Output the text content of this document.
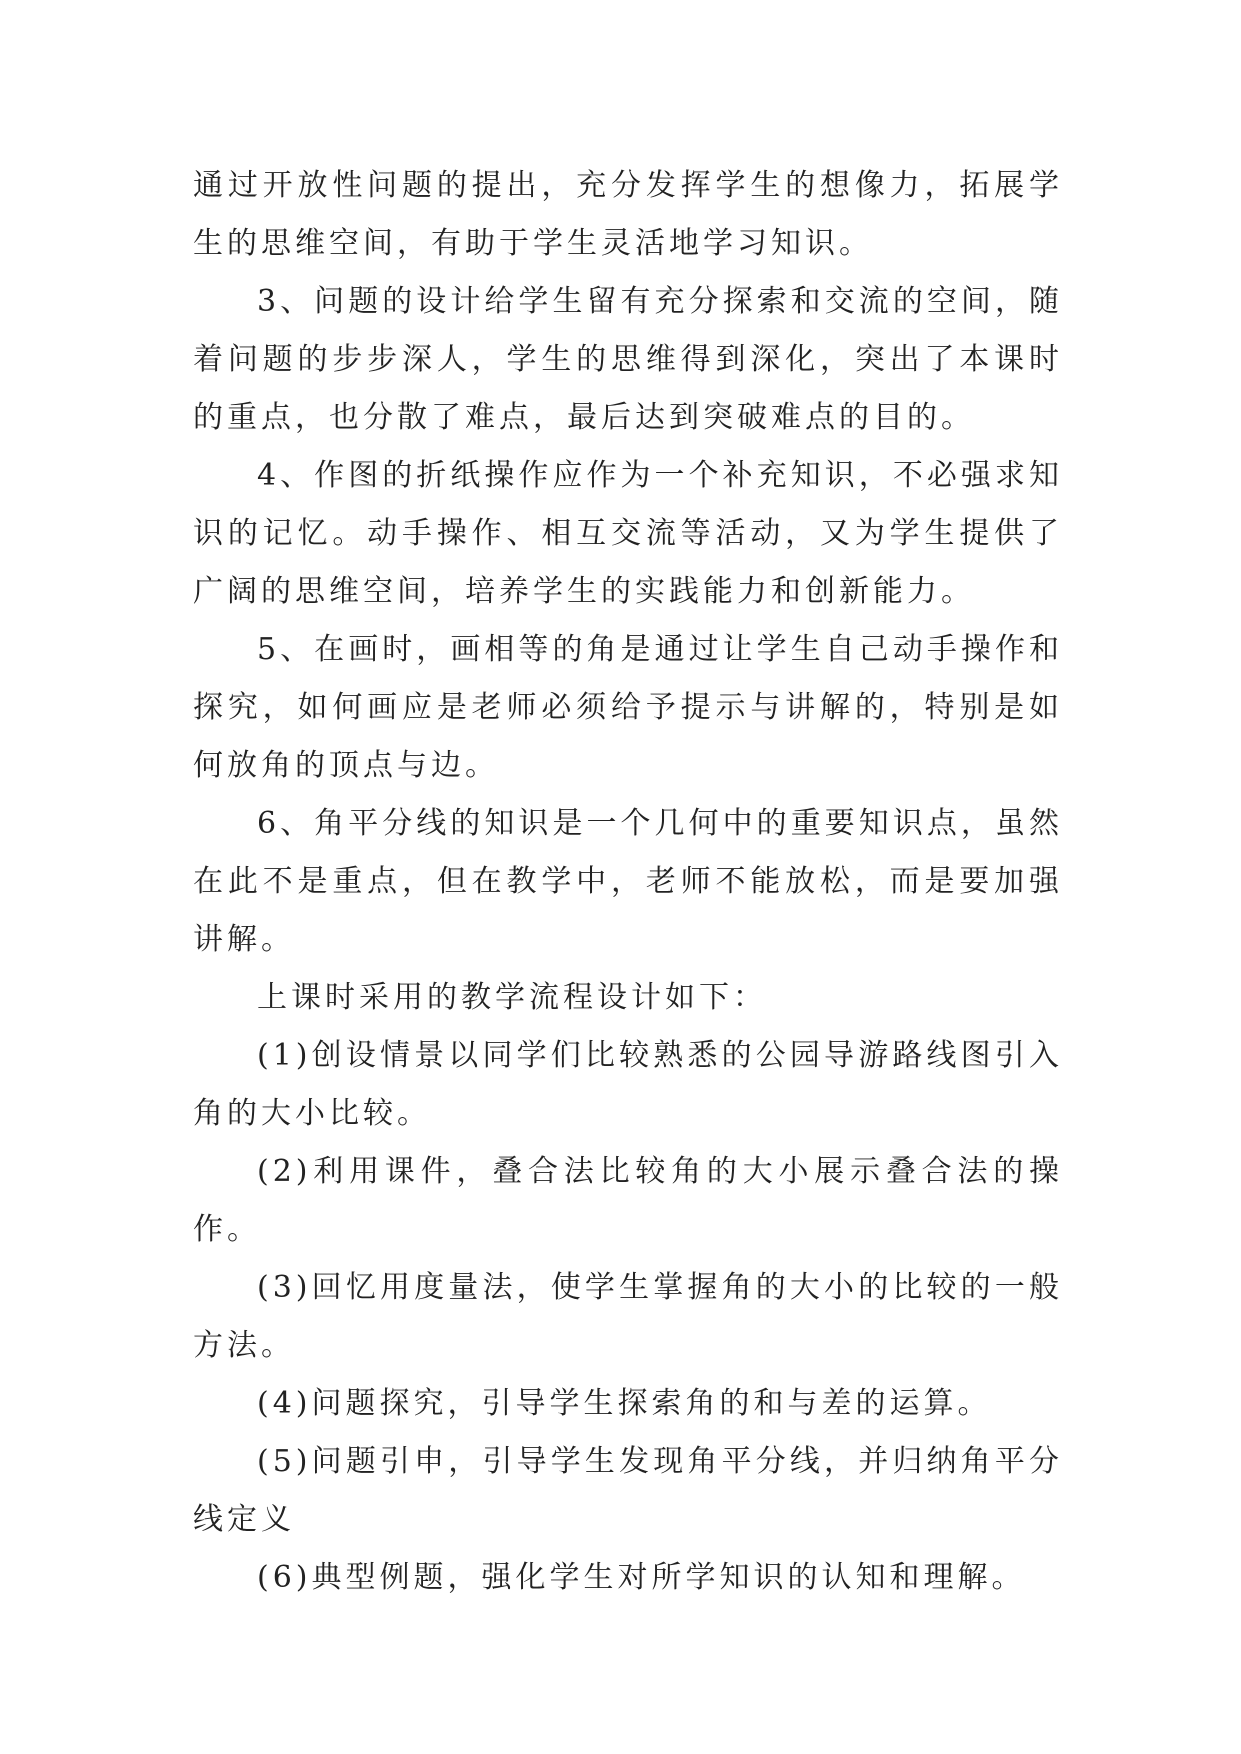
通过开放性问题的提出，充分发挥学生的想像力，拓展学生的思维空间，有助于学生灵活地学习知识。

3、问题的设计给学生留有充分探索和交流的空间，随着问题的步步深人，学生的思维得到深化，突出了本课时的重点，也分散了难点，最后达到突破难点的目的。

4、作图的折纸操作应作为一个补充知识，不必强求知识的记忆。动手操作、相互交流等活动，又为学生提供了广阔的思维空间，培养学生的实践能力和创新能力。

5、在画时，画相等的角是通过让学生自己动手操作和探究，如何画应是老师必须给予提示与讲解的，特别是如何放角的顶点与边。

6、角平分线的知识是一个几何中的重要知识点，虽然在此不是重点，但在教学中，老师不能放松，而是要加强讲解。

上课时采用的教学流程设计如下：

(1)创设情景以同学们比较熟悉的公园导游路线图引入角的大小比较。

(2)利用课件，叠合法比较角的大小展示叠合法的操作。

(3)回忆用度量法，使学生掌握角的大小的比较的一般方法。

(4)问题探究，引导学生探索角的和与差的运算。

(5)问题引申，引导学生发现角平分线，并归纳角平分线定义

(6)典型例题，强化学生对所学知识的认知和理解。
